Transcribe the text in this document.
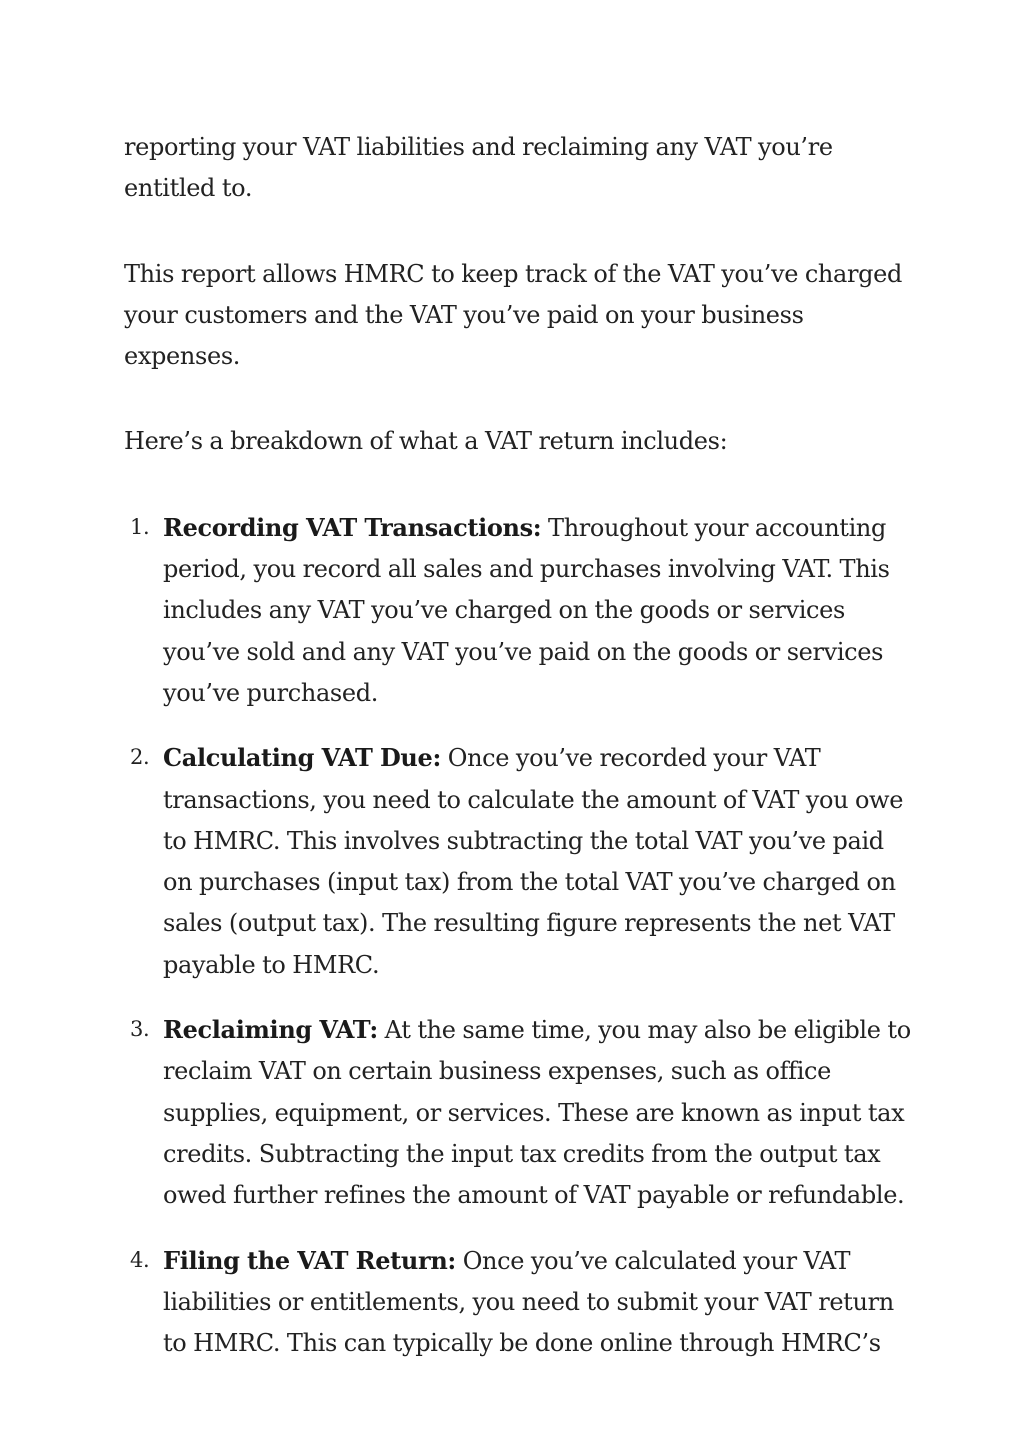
reporting your VAT liabilities and reclaiming any VAT you’re entitled to.

This report allows HMRC to keep track of the VAT you’ve charged your customers and the VAT you’ve paid on your business expenses.

Here’s a breakdown of what a VAT return includes:

1. Recording VAT Transactions: Throughout your accounting period, you record all sales and purchases involving VAT. This includes any VAT you’ve charged on the goods or services you’ve sold and any VAT you’ve paid on the goods or services you’ve purchased.
2. Calculating VAT Due: Once you’ve recorded your VAT transactions, you need to calculate the amount of VAT you owe to HMRC. This involves subtracting the total VAT you’ve paid on purchases (input tax) from the total VAT you’ve charged on sales (output tax). The resulting figure represents the net VAT payable to HMRC.
3. Reclaiming VAT: At the same time, you may also be eligible to reclaim VAT on certain business expenses, such as office supplies, equipment, or services. These are known as input tax credits. Subtracting the input tax credits from the output tax owed further refines the amount of VAT payable or refundable.
4. Filing the VAT Return: Once you’ve calculated your VAT liabilities or entitlements, you need to submit your VAT return to HMRC. This can typically be done online through HMRC’s
